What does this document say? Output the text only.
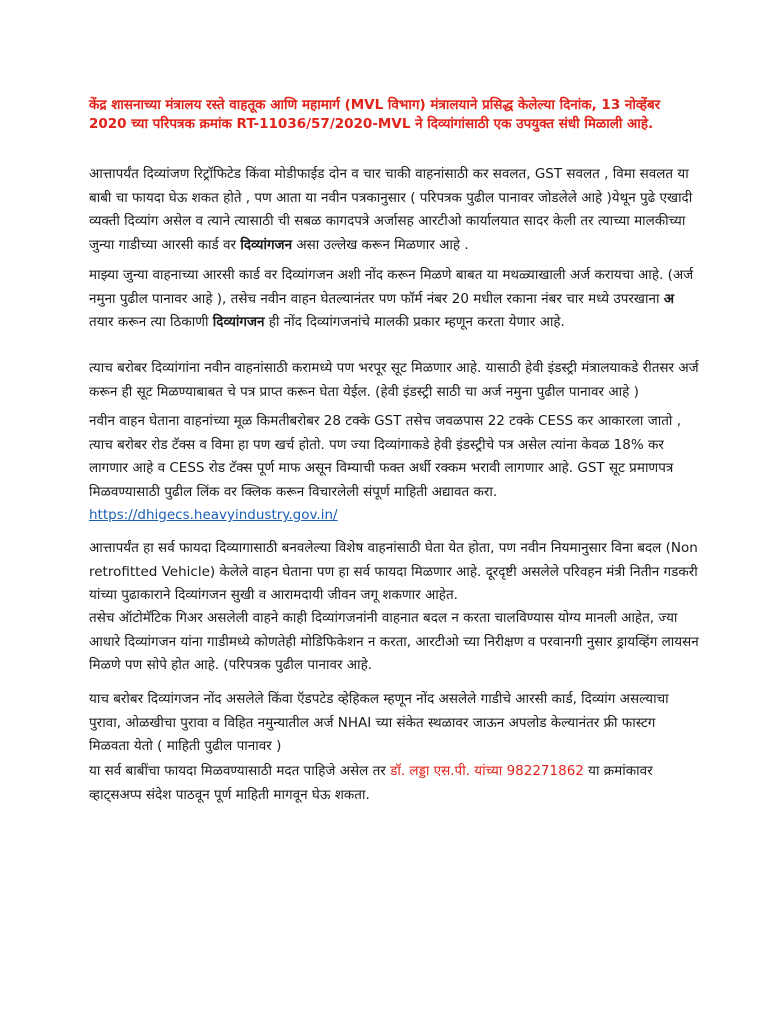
केंद्र शासनाच्या मंत्रालय रस्ते वाहतूक आणि महामार्ग (MVL विभाग) मंत्रालयाने प्रसिद्ध केलेल्या दिनांक, 13 नोव्हेंबर 2020 च्या परिपत्रक क्रमांक RT-11036/57/2020-MVL ने दिव्यांगांसाठी एक उपयुक्त संधी मिळाली आहे.

आत्तापर्यंत दिव्यांजण रिट्रॉफिटेड किंवा मोडीफाईड दोन व चार चाकी वाहनांसाठी कर सवलत, GST सवलत , विमा सवलत या बाबी चा फायदा घेऊ शकत होते , पण आता या नवीन पत्रकानुसार ( परिपत्रक पुढील पानावर जोडलेले आहे )येथून पुढे एखादी व्यक्ती दिव्यांग असेल व त्याने त्यासाठी ची सबळ कागदपत्रे अर्जासह आरटीओ कार्यालयात सादर केली तर त्याच्या मालकीच्या जुन्या गाडीच्या आरसी कार्ड वर दिव्यांगजन असा उल्लेख करून मिळणार आहे .

माझ्या जुन्या वाहनाच्या आरसी कार्ड वर दिव्यांगजन अशी नोंद करून मिळणे बाबत या मथळ्याखाली अर्ज करायचा आहे. (अर्ज नमुना पुढील पानावर आहे ), तसेच नवीन वाहन घेतल्यानंतर पण फॉर्म नंबर 20 मधील रकाना नंबर चार मध्ये उपरखाना अ तयार करून त्या ठिकाणी दिव्यांगजन ही नोंद दिव्यांगजनांचे मालकी प्रकार म्हणून करता येणार आहे.

त्याच बरोबर दिव्यांगांना नवीन वाहनांसाठी करामध्ये पण भरपूर सूट मिळणार आहे. यासाठी हेवी इंडस्ट्री मंत्रालयाकडे रीतसर अर्ज करून ही सूट मिळण्याबाबत चे पत्र प्राप्त करून घेता येईल. (हेवी इंडस्ट्री साठी चा अर्ज नमुना पुढील पानावर आहे )

नवीन वाहन घेताना वाहनांच्या मूळ किमतीबरोबर 28 टक्के GST तसेच जवळपास 22 टक्के CESS कर आकारला जातो , त्याच बरोबर रोड टॅक्स व विमा हा पण खर्च होतो. पण ज्या दिव्यांगाकडे हेवी इंडस्ट्रीचे पत्र असेल त्यांना केवळ 18% कर लागणार आहे व CESS रोड टॅक्स पूर्ण माफ असून विम्याची फक्त अर्धी रक्कम भरावी लागणार आहे. GST सूट प्रमाणपत्र मिळवण्यासाठी पुढील लिंक वर क्लिक करून विचारलेली संपूर्ण माहिती अद्यावत करा.
https://dhigecs.heavyindustry.gov.in/

आत्तापर्यंत हा सर्व फायदा दिव्यागासाठी बनवलेल्या विशेष वाहनांसाठी घेता येत होता, पण नवीन नियमानुसार विना बदल (Non retrofitted Vehicle) केलेले वाहन घेताना पण हा सर्व फायदा मिळणार आहे. दूरदृष्टी असलेले परिवहन मंत्री नितीन गडकरी यांच्या पुढाकाराने दिव्यांगजन सुखी व आरामदायी जीवन जगू शकणार आहेत.

तसेच ऑटोमॅटिक गिअर असलेली वाहने काही दिव्यांगजनांनी वाहनात बदल न करता चालविण्यास योग्य मानली आहेत, ज्या आधारे दिव्यांगजन यांना गाडीमध्ये कोणतेही मोडिफिकेशन न करता, आरटीओ च्या निरीक्षण व परवानगी नुसार ड्रायव्हिंग लायसन मिळणे पण सोपे होत आहे. (परिपत्रक पुढील पानावर आहे.

याच बरोबर दिव्यांगजन नोंद असलेले किंवा ऍडपटेड व्हेहिकल म्हणून नोंद असलेले गाडीचे आरसी कार्ड, दिव्यांग असल्याचा पुरावा, ओळखीचा पुरावा व विहित नमुन्यातील अर्ज NHAI च्या संकेत स्थळावर जाऊन अपलोड केल्यानंतर फ्री फास्टग मिळवता येतो ( माहिती पुढील पानावर )

या सर्व बाबींचा फायदा मिळवण्यासाठी मदत पाहिजे असेल तर डॉ. लड्डा एस.पी. यांच्या 982271862 या क्रमांकावर व्हाट्सअप्प संदेश पाठवून पूर्ण माहिती मागवून घेऊ शकता.
